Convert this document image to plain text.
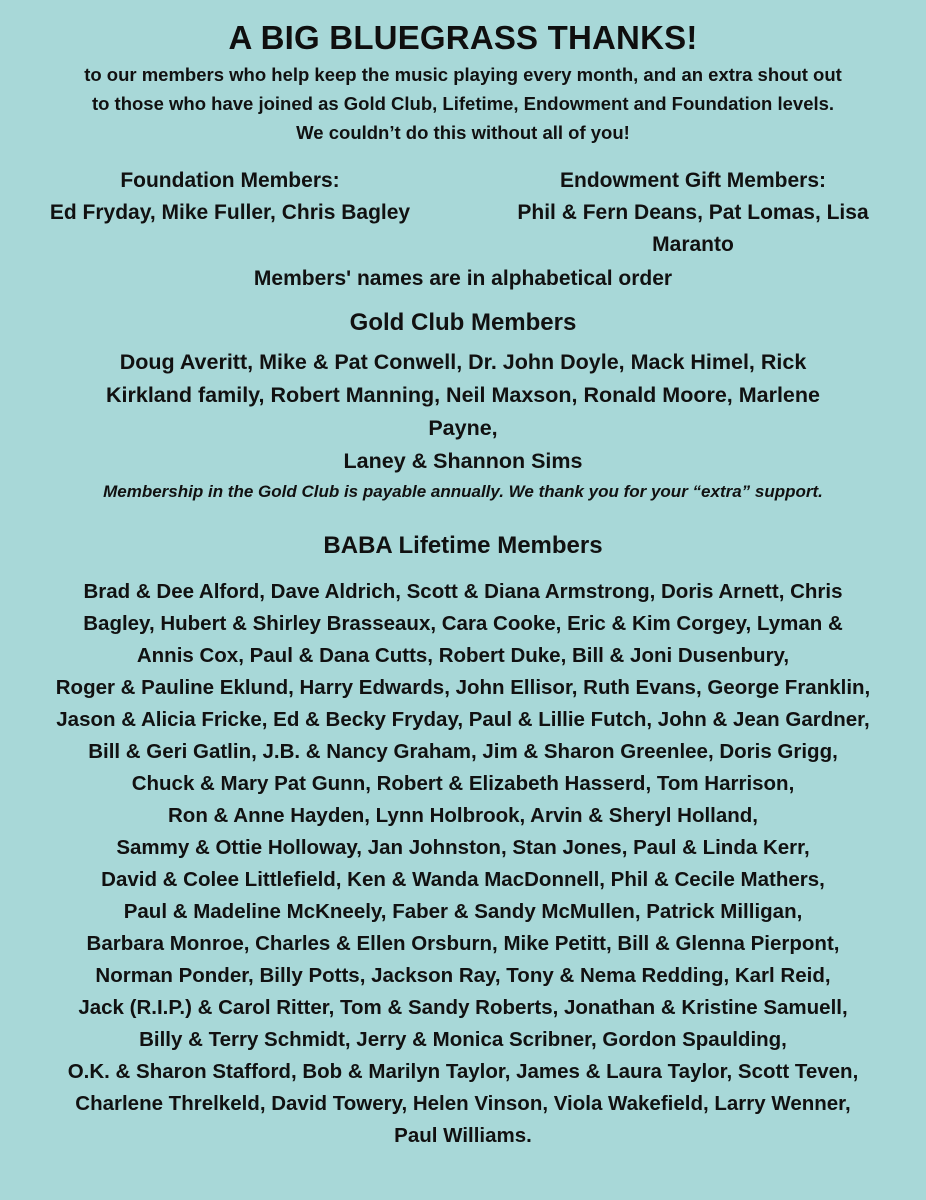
A BIG BLUEGRASS THANKS!
to our members who help keep the music playing every month, and an extra shout out
to those who have joined as Gold Club, Lifetime, Endowment and Foundation levels.
We couldn’t do this without all of you!
Foundation Members:
Ed Fryday, Mike Fuller, Chris Bagley
Endowment Gift Members:
Phil & Fern Deans, Pat Lomas, Lisa Maranto
Members' names are in alphabetical order
Gold Club Members
Doug Averitt, Mike & Pat Conwell, Dr. John Doyle, Mack Himel, Rick
Kirkland family, Robert Manning, Neil Maxson, Ronald Moore, Marlene
Payne,
Laney & Shannon Sims
Membership in the Gold Club is payable annually. We thank you for your “extra” support.
BABA Lifetime Members
Brad & Dee Alford, Dave Aldrich, Scott & Diana Armstrong, Doris Arnett, Chris
Bagley, Hubert & Shirley Brasseaux, Cara Cooke, Eric & Kim Corgey, Lyman &
Annis Cox, Paul & Dana Cutts, Robert Duke, Bill & Joni Dusenbury,
Roger & Pauline Eklund, Harry Edwards, John Ellisor, Ruth Evans, George Franklin,
Jason & Alicia Fricke, Ed & Becky Fryday, Paul & Lillie Futch, John & Jean Gardner,
Bill & Geri Gatlin, J.B. & Nancy Graham, Jim & Sharon Greenlee, Doris Grigg,
Chuck & Mary Pat Gunn, Robert & Elizabeth Hasserd, Tom Harrison,
Ron & Anne Hayden, Lynn Holbrook, Arvin & Sheryl Holland,
Sammy & Ottie Holloway, Jan Johnston, Stan Jones, Paul & Linda Kerr,
David & Colee Littlefield, Ken & Wanda MacDonnell, Phil & Cecile Mathers,
Paul & Madeline McKneely, Faber & Sandy McMullen, Patrick Milligan,
Barbara Monroe, Charles & Ellen Orsburn, Mike Petitt, Bill & Glenna Pierpont,
Norman Ponder, Billy Potts, Jackson Ray, Tony & Nema Redding, Karl Reid,
Jack (R.I.P.) & Carol Ritter, Tom & Sandy Roberts, Jonathan & Kristine Samuell,
Billy & Terry Schmidt, Jerry & Monica Scribner, Gordon Spaulding,
O.K. & Sharon Stafford, Bob & Marilyn Taylor, James & Laura Taylor, Scott Teven,
Charlene Threlkeld, David Towery, Helen Vinson, Viola Wakefield, Larry Wenner,
Paul Williams.
